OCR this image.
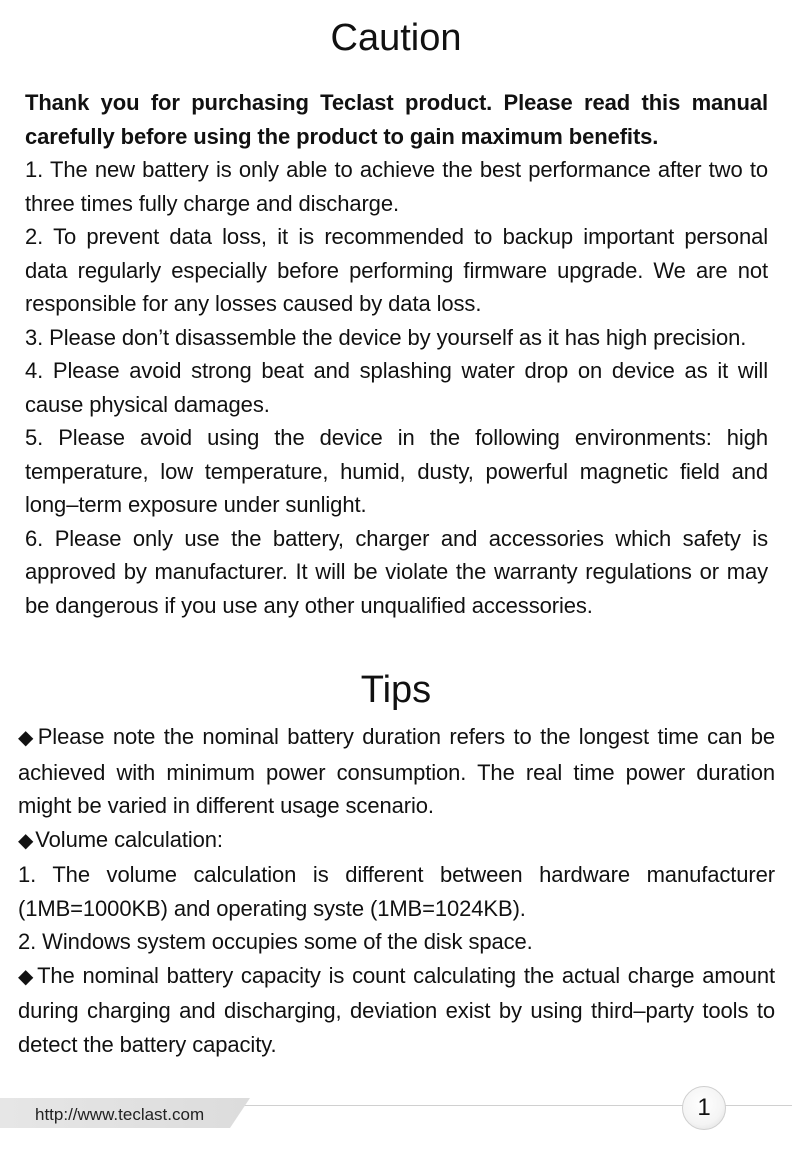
Caution

Thank you for purchasing Teclast product. Please read this manual carefully before using the product to gain maximum benefits.

1. The new battery is only able to achieve the best performance after two to three times fully charge and discharge.

2. To prevent data loss, it is recommended to backup important personal data regularly especially before performing firmware upgrade. We are not responsible for any losses caused by data loss.

3. Please don’t disassemble the device by yourself as it has high precision.

4. Please avoid strong beat and splashing water drop on device as it will cause physical damages.

5. Please avoid using the device in the following environments: high temperature, low temperature, humid, dusty, powerful magnetic field and long–term exposure under sunlight.

6. Please only use the battery, charger and accessories which safety is approved by manufacturer. It will be violate the warranty regulations or may be dangerous if you use any other unqualified accessories.

Tips

◆Please note the nominal battery duration refers to the longest time can be achieved with minimum power consumption. The real time power duration might be varied in different usage scenario.

◆Volume calculation:

1. The volume calculation is different between hardware manufacturer (1MB=1000KB) and operating syste (1MB=1024KB).

2. Windows system occupies some of the disk space.

◆The nominal battery capacity is count calculating the actual charge amount during charging and discharging, deviation exist by using third–party tools to detect the battery capacity.

http://www.teclast.com	1
